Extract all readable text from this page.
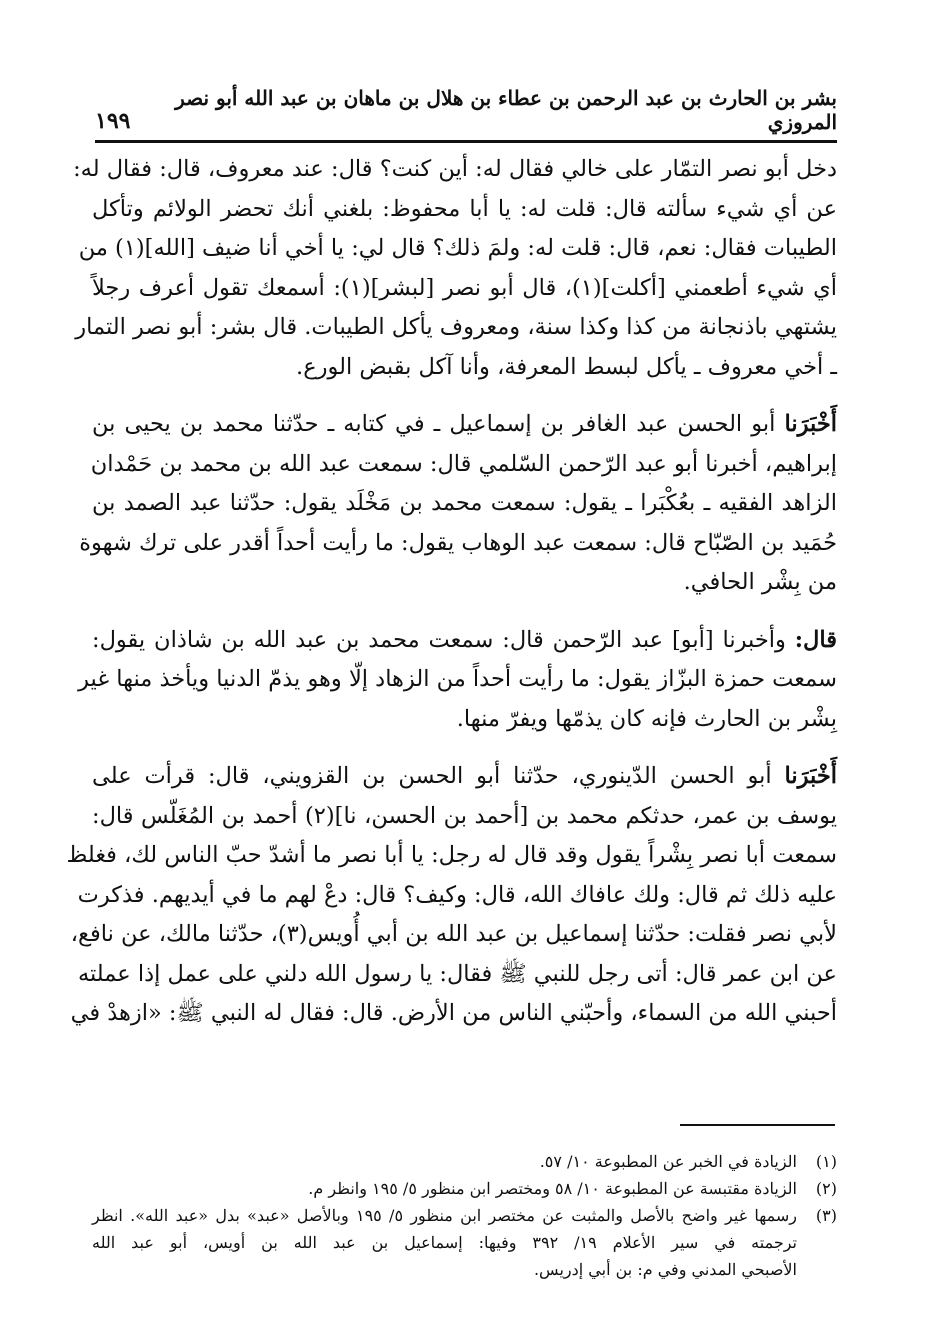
بشر بن الحارث بن عبد الرحمن بن عطاء بن هلال بن ماهان بن عبد الله أبو نصر المروزي
١٩٩
دخل أبو نصر التمّار على خالي فقال له: أين كنت؟ قال: عند معروف، قال: فقال له:
عن أي شيء سألته قال: قلت له: يا أبا محفوظ: بلغني أنك تحضر الولائم وتأكل
الطيبات فقال: نعم، قال: قلت له: ولمَ ذلك؟ قال لي: يا أخي أنا ضيف [الله](١) من
أي شيء أطعمني [أكلت](١)، قال أبو نصر [لبشر](١): أسمعك تقول أعرف رجلاً
يشتهي باذنجانة من كذا وكذا سنة، ومعروف يأكل الطيبات. قال بشر: أبو نصر التمار
ـ أخي معروف ـ يأكل لبسط المعرفة، وأنا آكل بقبض الورع.
أَخْبَرَنا أبو الحسن عبد الغافر بن إسماعيل ـ في كتابه ـ حدّثنا محمد بن يحيى بن
إبراهيم، أخبرنا أبو عبد الرّحمن السّلمي قال: سمعت عبد الله بن محمد بن حَمْدان
الزاهد الفقيه ـ بعُكْبَرا ـ يقول: سمعت محمد بن مَخْلَد يقول: حدّثنا عبد الصمد بن
حُمَيد بن الصّبّاح قال: سمعت عبد الوهاب يقول: ما رأيت أحداً أقدر على ترك شهوة
من بِشْر الحافي.
قال: وأخبرنا [أبو] عبد الرّحمن قال: سمعت محمد بن عبد الله بن شاذان يقول:
سمعت حمزة البزّاز يقول: ما رأيت أحداً من الزهاد إلّا وهو يذمّ الدنيا ويأخذ منها غير
بِشْر بن الحارث فإنه كان يذمّها ويفرّ منها.
أَخْبَرَنا أبو الحسن الدّينوري، حدّثنا أبو الحسن بن القزويني، قال: قرأت على
يوسف بن عمر، حدثكم محمد بن [أحمد بن الحسن، نا](٢) أحمد بن المُغَلّس قال:
سمعت أبا نصر بِشْراً يقول وقد قال له رجل: يا أبا نصر ما أشدّ حبّ الناس لك، فغلظ
عليه ذلك ثم قال: ولك عافاك الله، قال: وكيف؟ قال: دعْ لهم ما في أيديهم. فذكرت
لأبي نصر فقلت: حدّثنا إسماعيل بن عبد الله بن أبي أُويس(٣)، حدّثنا مالك، عن نافع،
عن ابن عمر قال: أتى رجل للنبي ﷺ فقال: يا رسول الله دلني على عمل إذا عملته
أحبني الله من السماء، وأحبّني الناس من الأرض. قال: فقال له النبي ﷺ: «ازهدْ في
(١)
الزيادة في الخبر عن المطبوعة ١٠/ ٥٧.
(٢)
الزيادة مقتبسة عن المطبوعة ١٠/ ٥٨ ومختصر ابن منظور ٥/ ١٩٥ وانظر م.
(٣)
رسمها غير واضح بالأصل والمثبت عن مختصر ابن منظور ٥/ ١٩٥ وبالأصل «عبد» بدل «عبد الله». انظر
ترجمته في سير الأعلام ١٩/ ٣٩٢ وفيها: إسماعيل بن عبد الله بن أويس، أبو عبد الله
الأصبحي المدني وفي م: بن أبي إدريس.
